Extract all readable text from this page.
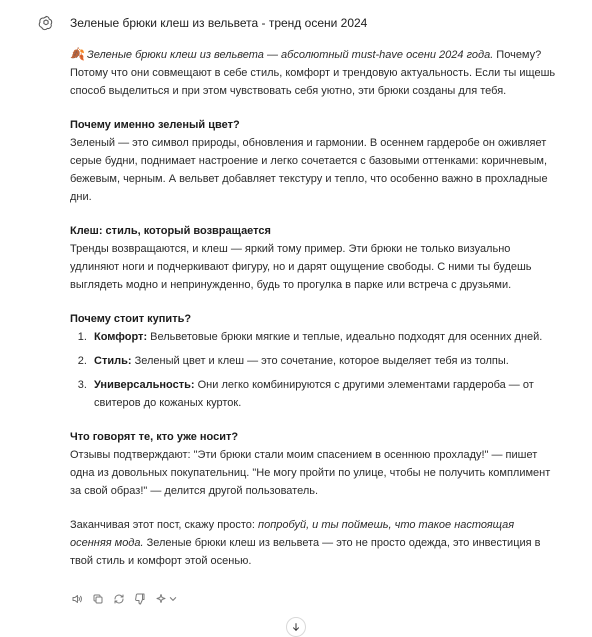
Зеленые брюки клеш из вельвета - тренд осени 2024

🍂 Зеленые брюки клеш из вельвета — абсолютный must-have осени 2024 года. Почему? Потому что они совмещают в себе стиль, комфорт и трендовую актуальность. Если ты ищешь способ выделиться и при этом чувствовать себя уютно, эти брюки созданы для тебя.

Почему именно зеленый цвет?

Зеленый — это символ природы, обновления и гармонии. В осеннем гардеробе он оживляет серые будни, поднимает настроение и легко сочетается с базовыми оттенками: коричневым, бежевым, черным. А вельвет добавляет текстуру и тепло, что особенно важно в прохладные дни.

Клеш: стиль, который возвращается

Тренды возвращаются, и клеш — яркий тому пример. Эти брюки не только визуально удлиняют ноги и подчеркивают фигуру, но и дарят ощущение свободы. С ними ты будешь выглядеть модно и непринужденно, будь то прогулка в парке или встреча с друзьями.

Почему стоит купить?
1. Комфорт: Вельветовые брюки мягкие и теплые, идеально подходят для осенних дней.
2. Стиль: Зеленый цвет и клеш — это сочетание, которое выделяет тебя из толпы.
3. Универсальность: Они легко комбинируются с другими элементами гардероба — от свитеров до кожаных курток.
Что говорят те, кто уже носит?

Отзывы подтверждают: "Эти брюки стали моим спасением в осеннюю прохладу!" — пишет одна из довольных покупательниц. "Не могу пройти по улице, чтобы не получить комплимент за свой образ!" — делится другой пользователь.

Заканчивая этот пост, скажу просто: попробуй, и ты поймешь, что такое настоящая осенняя мода. Зеленые брюки клеш из вельвета — это не просто одежда, это инвестиция в твой стиль и комфорт этой осенью.
